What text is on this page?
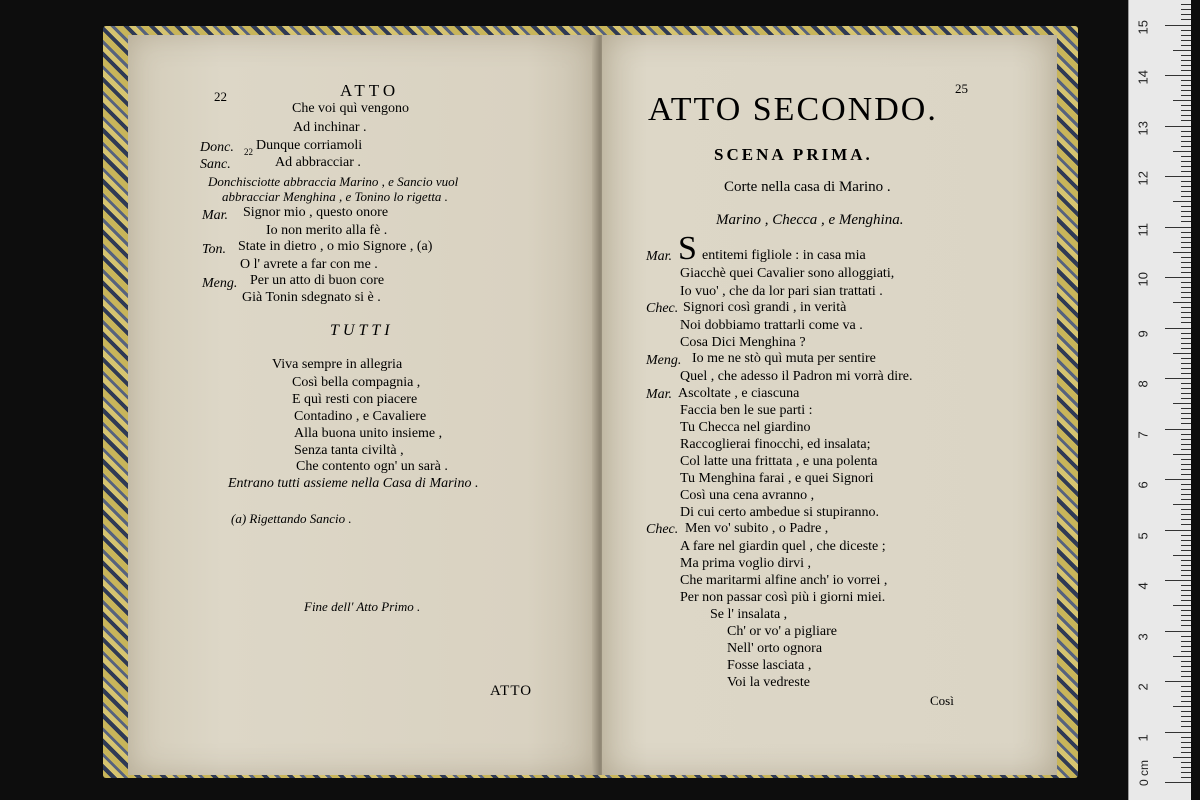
22	ATTO
Che voi quì vengono
Ad inchinar .
Donc. Dunque corriamoli
Sanc.
22
Ad abbracciar .
Donchisciotte abbraccia Marino , e Sancio vuol
abbracciar Menghina , e Tonino lo rigetta .
Mar. Signor mio , questo onore
Io non merito alla fè .
Ton. State in dietro , o mio Signore , (a)
O l' avrete a far con me .
Meng. Per un atto di buon core
Già Tonin sdegnato si è .
TUTTI
Viva sempre in allegria
Così bella compagnia ,
E quì resti con piacere
Contadino , e Cavaliere
Alla buona unito insieme ,
Senza tanta civiltà ,
Che contento ogn' un sarà .
Entrano tutti assieme nella Casa di Marino .
(a) Rigettando Sancio .
Fine dell' Atto Primo .
ATTO
25
ATTO SECONDO.
SCENA PRIMA.
Corte nella casa di Marino .
Marino , Checca , e Menghina.
Mar. S entitemi figliole : in casa mia
Giacchè quei Cavalier sono alloggiati,
Io vuo' , che da lor pari sian trattati .
Chec. Signori così grandi , in verità
Noi dobbiamo trattarli come va .
Cosa Dici Menghina ?
Meng. Io me ne stò quì muta per sentire
Quel , che adesso il Padron mi vorrà dire.
Mar. Ascoltate , e ciascuna
Faccia ben le sue parti :
Tu Checca nel giardino
Raccoglierai finocchi, ed insalata;
Col latte una frittata , e una polenta
Tu Menghina farai , e quei Signori
Così una cena avranno ,
Di cui certo ambedue si stupiranno.
Chec. Men vo' subito , o Padre ,
A fare nel giardin quel , che diceste ;
Ma prima voglio dirvi ,
Che maritarmi alfine anch' io vorrei ,
Per non passar così più i giorni miei.
Se l' insalata ,
Ch' or vo' a pigliare
Nell' orto ognora
Fosse lasciata ,
Voi la vedreste
Così
0 cm
1
2
3
4
5
6
7
8
9
10
11
12
13
14
15
